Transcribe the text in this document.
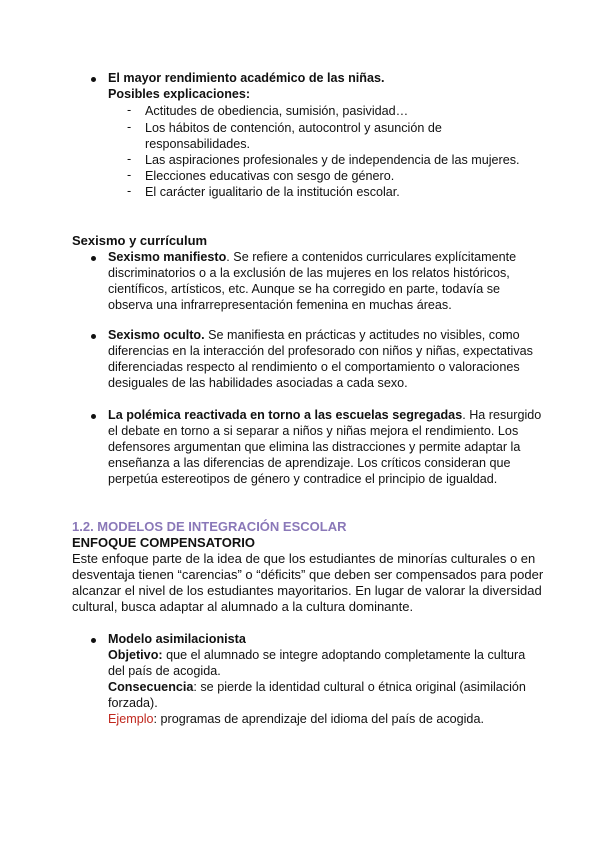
El mayor rendimiento académico de las niñas.
Posibles explicaciones:
- Actitudes de obediencia, sumisión, pasividad…
- Los hábitos de contención, autocontrol y asunción de
responsabilidades.
- Las aspiraciones profesionales y de independencia de las mujeres.
- Elecciones educativas con sesgo de género.
- El carácter igualitario de la institución escolar.
Sexismo y currículum
Sexismo manifiesto. Se refiere a contenidos curriculares explícitamente
discriminatorios o a la exclusión de las mujeres en los relatos históricos,
científicos, artísticos, etc. Aunque se ha corregido en parte, todavía se
observa una infrarrepresentación femenina en muchas áreas.
Sexismo oculto. Se manifiesta en prácticas y actitudes no visibles, como
diferencias en la interacción del profesorado con niños y niñas, expectativas
diferenciadas respecto al rendimiento o el comportamiento o valoraciones
desiguales de las habilidades asociadas a cada sexo.
La polémica reactivada en torno a las escuelas segregadas. Ha resurgido
el debate en torno a si separar a niños y niñas mejora el rendimiento. Los
defensores argumentan que elimina las distracciones y permite adaptar la
enseñanza a las diferencias de aprendizaje. Los críticos consideran que
perpetúa estereotipos de género y contradice el principio de igualdad.
1.2. MODELOS DE INTEGRACIÓN ESCOLAR
ENFOQUE COMPENSATORIO
Este enfoque parte de la idea de que los estudiantes de minorías culturales o en
desventaja tienen “carencias” o “déficits” que deben ser compensados para poder
alcanzar el nivel de los estudiantes mayoritarios. En lugar de valorar la diversidad
cultural, busca adaptar al alumnado a la cultura dominante.
Modelo asimilacionista
Objetivo: que el alumnado se integre adoptando completamente la cultura
del país de acogida.
Consecuencia: se pierde la identidad cultural o étnica original (asimilación
forzada).
Ejemplo: programas de aprendizaje del idioma del país de acogida.
